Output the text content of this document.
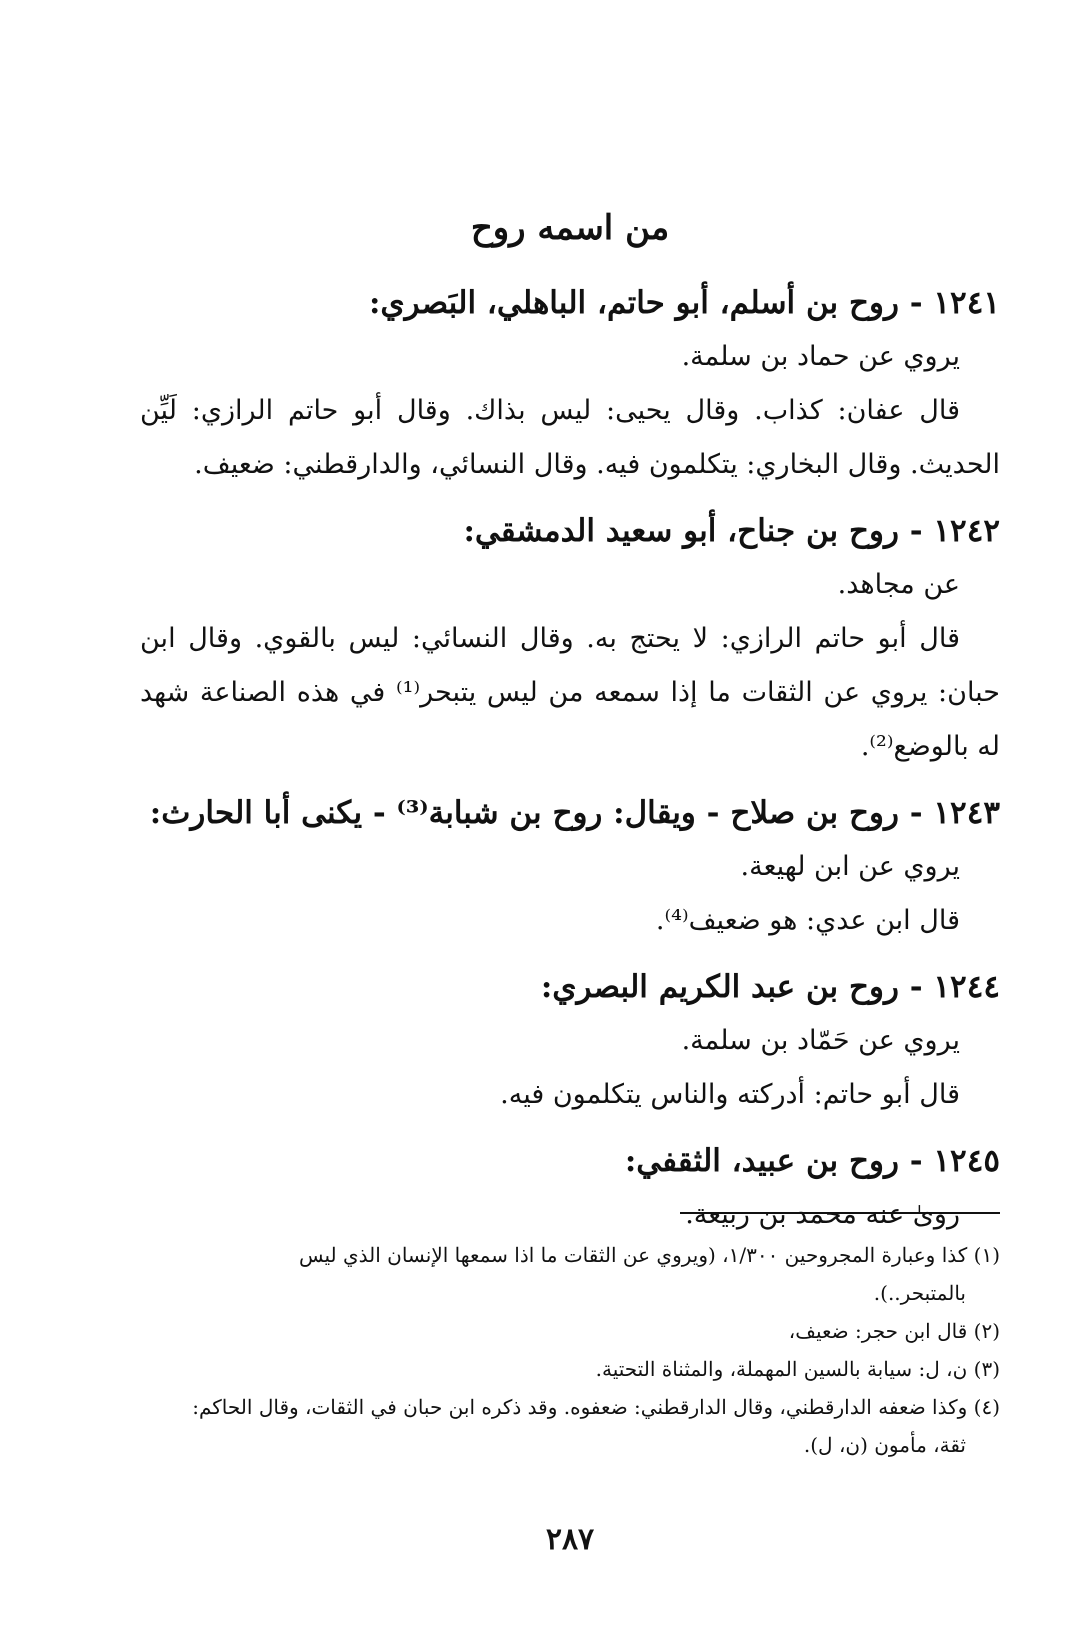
من اسمه روح
١٢٤١ - روح بن أسلم، أبو حاتم، الباهلي، البَصري:
يروي عن حماد بن سلمة.
قال عفان: كذاب. وقال يحيى: ليس بذاك. وقال أبو حاتم الرازي: لَيِّن الحديث. وقال البخاري: يتكلمون فيه. وقال النسائي، والدارقطني: ضعيف.
١٢٤٢ - روح بن جناح، أبو سعيد الدمشقي:
عن مجاهد.
قال أبو حاتم الرازي: لا يحتج به. وقال النسائي: ليس بالقوي. وقال ابن حبان: يروي عن الثقات ما إذا سمعه من ليس يتبحر⁽¹⁾ في هذه الصناعة شهد له بالوضع⁽²⁾.
١٢٤٣ - روح بن صلاح - ويقال: روح بن شبابة⁽³⁾ - يكنى أبا الحارث:
يروي عن ابن لهيعة.
قال ابن عدي: هو ضعيف⁽⁴⁾.
١٢٤٤ - روح بن عبد الكريم البصري:
يروي عن حَمّاد بن سلمة.
قال أبو حاتم: أدركته والناس يتكلمون فيه.
١٢٤٥ - روح بن عبيد، الثقفي:
روىٰ عنه محمد بن ربيعة.
(١) كذا وعبارة المجروحين ١/٣٠٠، (ويروي عن الثقات ما اذا سمعها الإنسان الذي ليس
بالمتبحر..).
(٢) قال ابن حجر: ضعيف،
(٣) ن، ل: سيابة بالسين المهملة، والمثناة التحتية.
(٤) وكذا ضعفه الدارقطني، وقال الدارقطني: ضعفوه. وقد ذكره ابن حبان في الثقات، وقال الحاكم:
ثقة، مأمون (ن، ل).
٢٨٧
